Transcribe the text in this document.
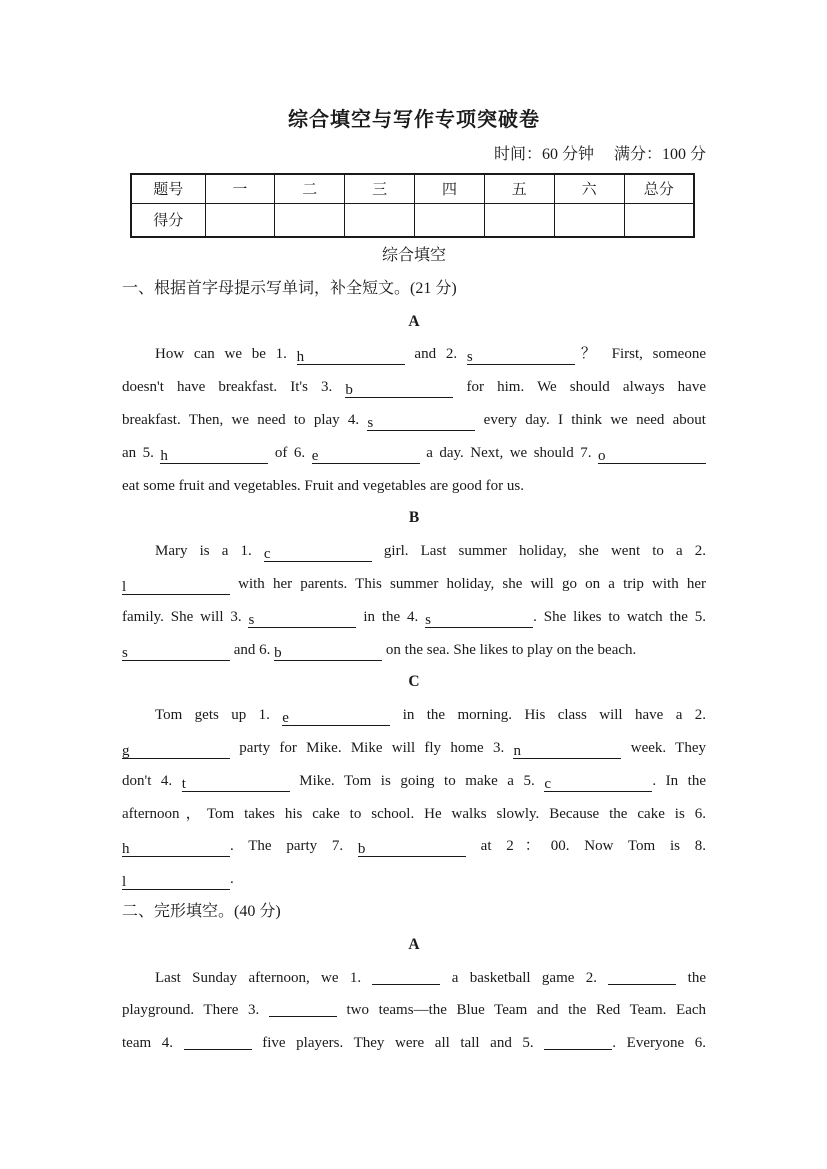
综合填空与写作专项突破卷
时间：60 分钟　 满分：100 分
题号	一	二	三	四	五	六	总分
得分							
综合填空
一、根据首字母提示写单词，补全短文。(21 分)
A
How can we be 1. h	and 2. s	？ First, someone
doesn't have breakfast. It's 3. b	for him. We should always have
breakfast. Then, we need to play 4. s	every day. I think we need about
an 5. h	of 6. e	a day. Next, we should 7. o
eat some fruit and vegetables. Fruit and vegetables are good for us.
B
Mary is a 1. c	girl. Last summer holiday, she went to a 2.
l	with her parents. This summer holiday, she will go on a trip with her
family. She will 3. s	in the 4. s	. She likes to watch the 5.
s	and 6. b	on the sea. She likes to play on the beach.
C
Tom gets up 1. e	in the morning. His class will have a 2.
g	party for Mike. Mike will fly home 3. n	week. They
don't 4. t	Mike. Tom is going to make a 5. c	. In the
afternoon，Tom takes his cake to school. He walks slowly. Because the cake is 6.
h	. The party 7. b	at 2：00. Now Tom is 8.
l	.
二、完形填空。(40 分)
A
Last Sunday afternoon, we 1.	a basketball game 2.	the
playground. There 3.	two teams—the Blue Team and the Red Team. Each
team 4.	five players. They were all tall and 5.	. Everyone 6.
